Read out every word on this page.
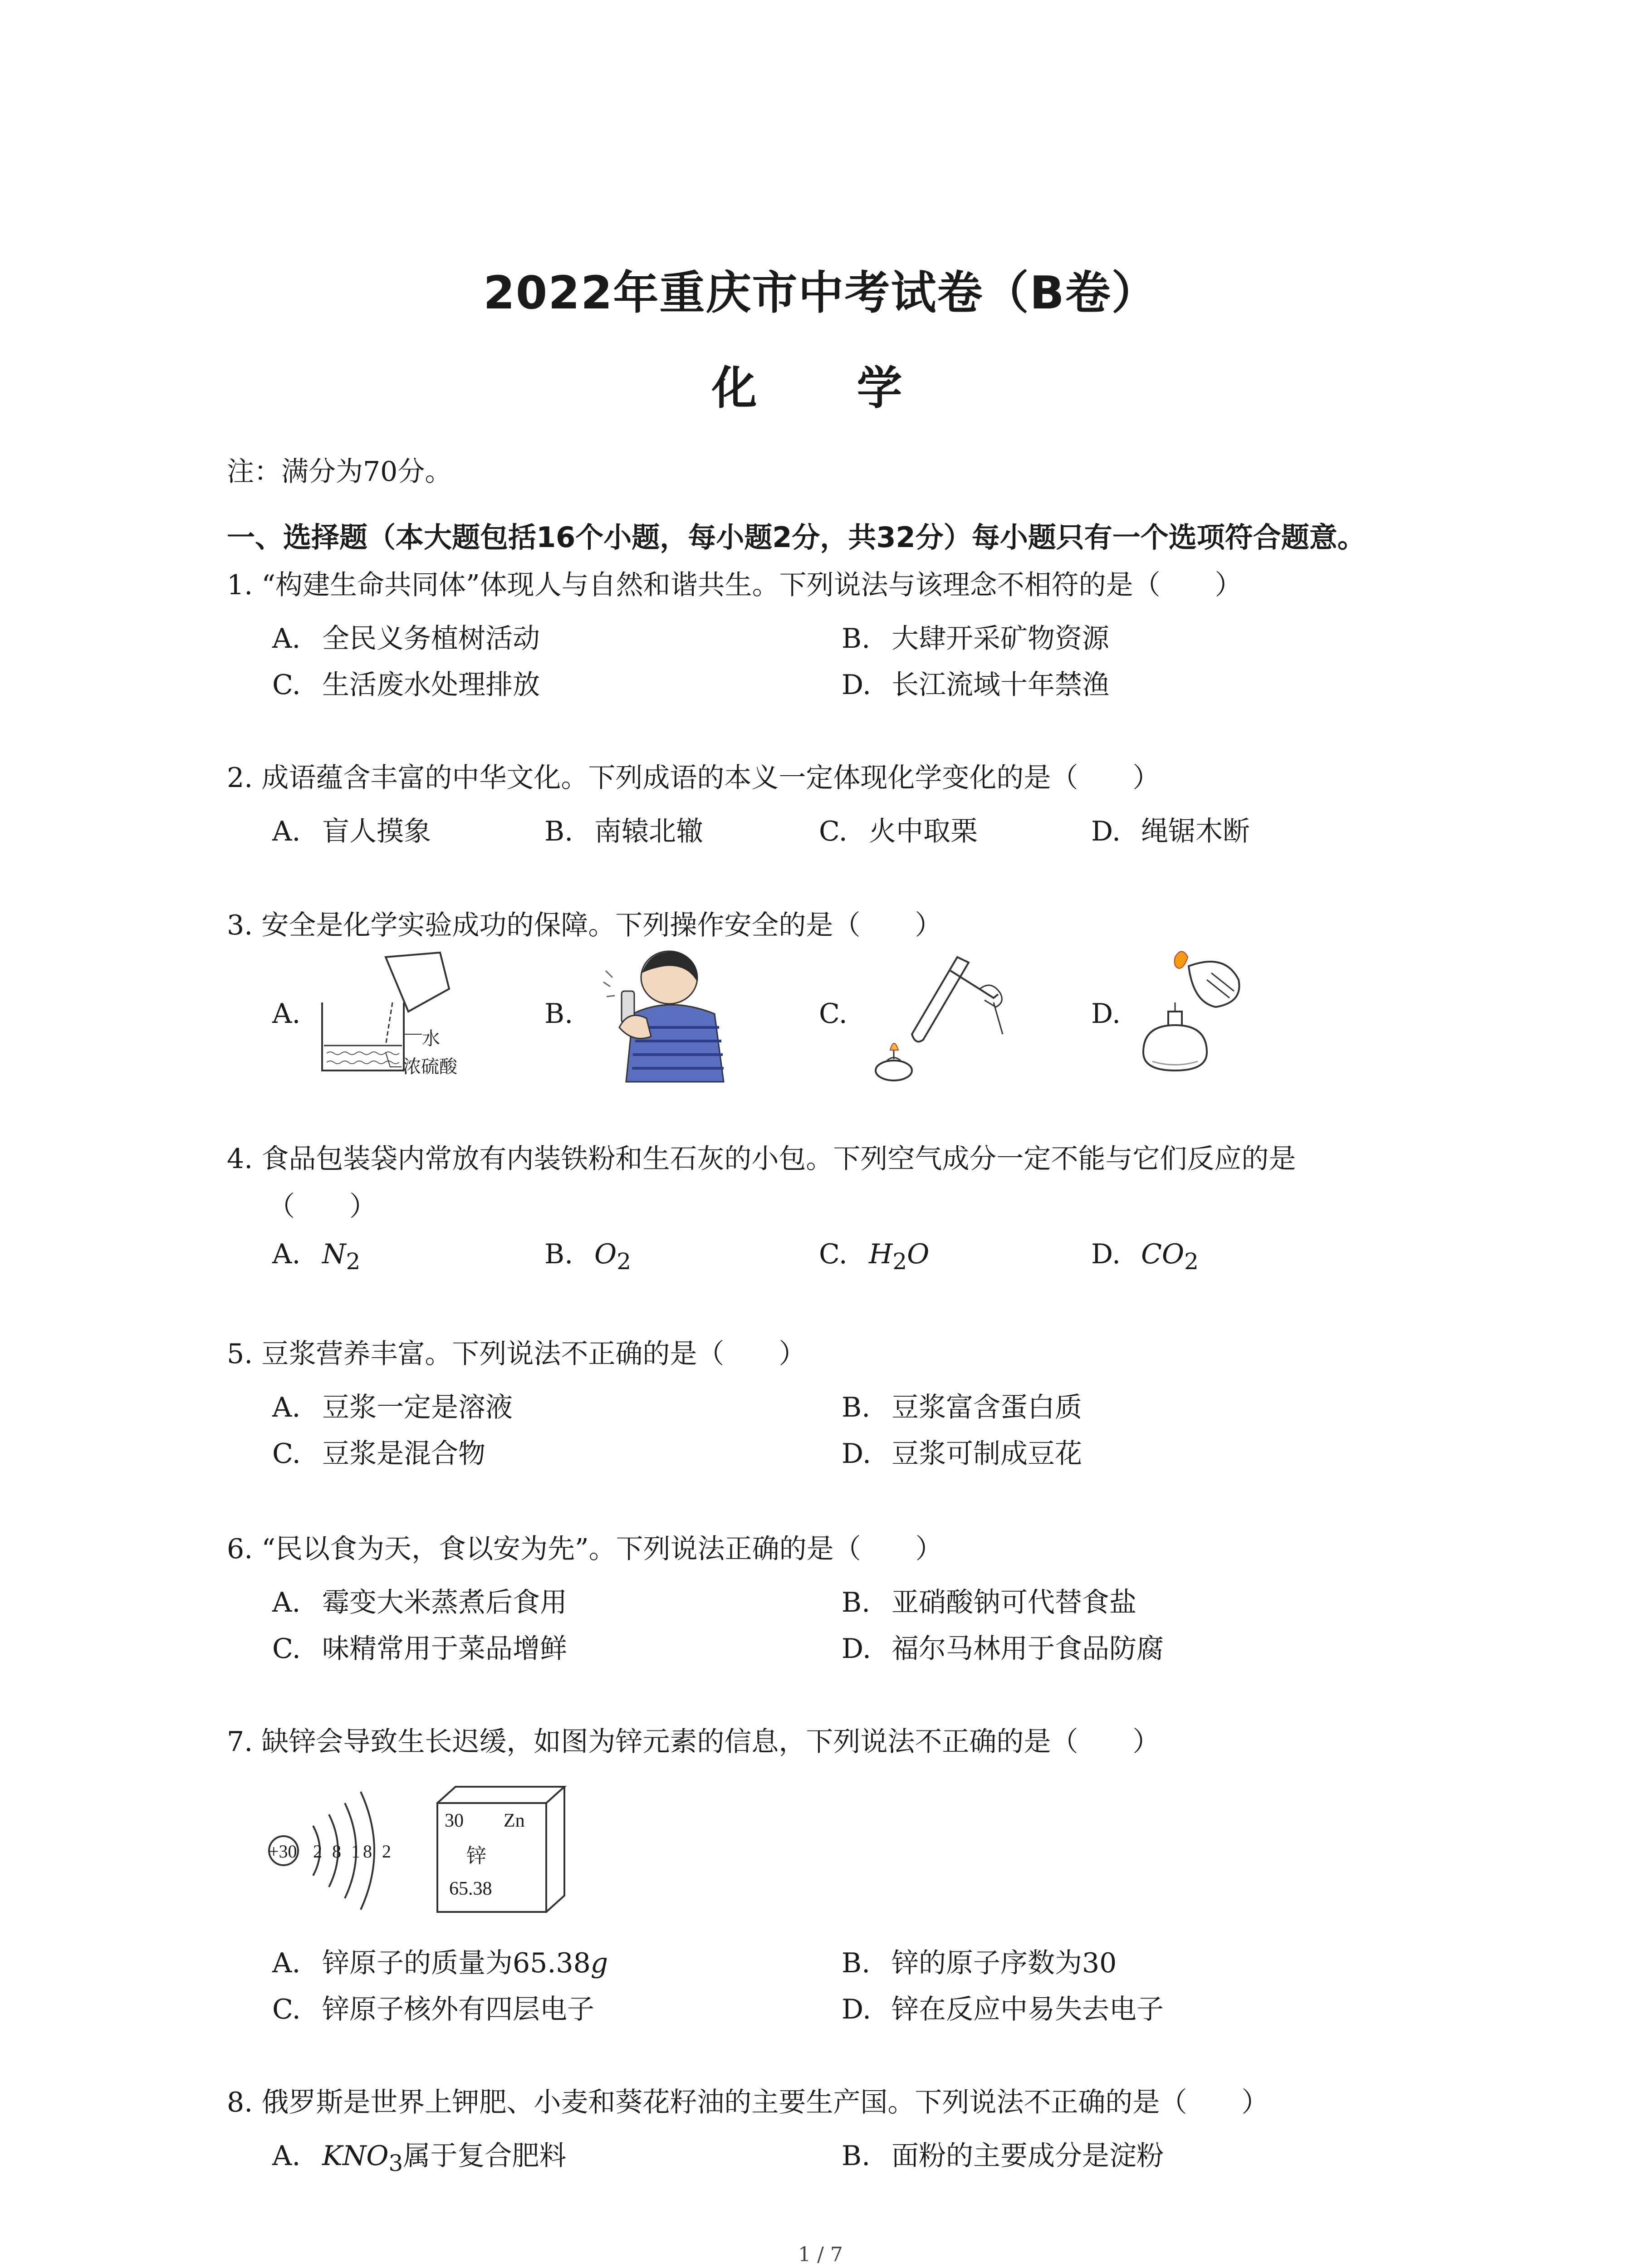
2022年重庆市中考试卷（B卷）
化　学
注：满分为70分。
一、选择题（本大题包括16个小题，每小题2分，共32分）每小题只有一个选项符合题意。
1. “构建生命共同体”体现人与自然和谐共生。下列说法与该理念不相符的是（　　）
A. 全民义务植树活动	B. 大肆开采矿物资源
C. 生活废水处理排放	D. 长江流域十年禁渔
2. 成语蕴含丰富的中华文化。下列成语的本义一定体现化学变化的是（　　）
A. 盲人摸象	B. 南辕北辙	C. 火中取栗	D. 绳锯木断
3. 安全是化学实验成功的保障。下列操作安全的是（　　）
A.	B.	C.	D.
水
浓硫酸
4. 食品包装袋内常放有内装铁粉和生石灰的小包。下列空气成分一定不能与它们反应的是
（　　）
A. $N_2$	B. $O_2$	C. $H_2O$	D. $CO_2$
5. 豆浆营养丰富。下列说法不正确的是（　　）
A. 豆浆一定是溶液	B. 豆浆富含蛋白质
C. 豆浆是混合物	D. 豆浆可制成豆花
6. “民以食为天，食以安为先”。下列说法正确的是（　　）
A. 霉变大米蒸煮后食用	B. 亚硝酸钠可代替食盐
C. 味精常用于菜品增鲜	D. 福尔马林用于食品防腐
7. 缺锌会导致生长迟缓，如图为锌元素的信息，下列说法不正确的是（　　）
+30 2 8 18 2
30 Zn
锌
65.38
A. 锌原子的质量为65.38g	B. 锌的原子序数为30
C. 锌原子核外有四层电子	D. 锌在反应中易失去电子
8. 俄罗斯是世界上钾肥、小麦和葵花籽油的主要生产国。下列说法不正确的是（　　）
A. $KNO_3$属于复合肥料	B. 面粉的主要成分是淀粉
1 / 7
